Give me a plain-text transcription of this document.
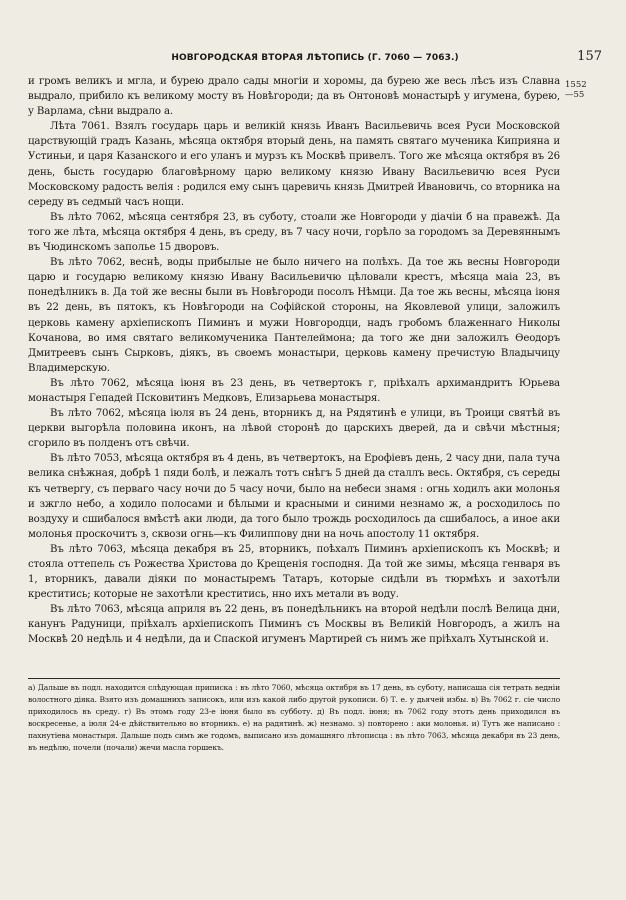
НОВГОРОДСКАЯ ВТОРАЯ ЛѢТОПИСЬ (Г. 7060 — 7063.)	157
1552
—55

и громъ великъ и мгла, и бурею драло сады многіи и хоромы, да бурею же весь лѣсъ изъ Славна выдрало, прибило къ великому мосту въ Новѣгороди; да въ Онтоновѣ монастырѣ у игумена, бурею, у Варлама, сѣни выдрало а.

Лѣта 7061. Взялъ государь царь и великій князь Иванъ Васильевичь всея Руси Московской царствующій градъ Казань, мѣсяца октября вторый день, на память святаго мученика Киприяна и Устиньи, и царя Казанского и его уланъ и мурзъ къ Москвѣ привелъ. Того же мѣсяца октября въ 26 день, бысть государю благовѣрному царю великому князю Ивану Васильевичю всея Руси Московскому радость велія : родился ему сынъ царевичь князь Дмитрей Ивановичь, со вторника на середу въ седмый часъ нощи.

Въ лѣто 7062, мѣсяца сентября 23, въ суботу, стоали же Новгороди у діачіи б на правежѣ. Да того же лѣта, мѣсяца октября 4 день, въ среду, въ 7 часу ночи, горѣло за городомъ за Деревяннымъ въ Чюдинскомъ заполье 15 дворовъ.

Въ лѣто 7062, веснѣ, воды прибылые не было ничего на полѣхъ. Да тое жь весны Новгороди царю и государю великому князю Ивану Васильевичю цѣловали крестъ, мѣсяца маіа 23, въ понедѣлникъ в. Да той же весны были въ Новѣгороди посолъ Нѣмци. Да тое жь весны, мѣсяца іюня въ 22 день, въ пятокъ, къ Новѣгороди на Софійской стороны, на Яковлевой улици, заложилъ церковь камену архіепископъ Пиминъ и мужи Новгородци, надъ гробомъ блаженнаго Николы Кочанова, во имя святаго великомученика Пантелеймона; да того же дни заложилъ Ѳеодоръ Дмитреевъ сынъ Сырковъ, діякъ, въ своемъ монастыри, церковь камену пречистую Владычицу Владимерскую.

Въ лѣто 7062, мѣсяца іюня въ 23 день, въ четвертокъ г, пріѣхалъ архимандритъ Юрьева монастыря Гепадей Псковитинъ Медковъ, Елизарьева монастыря.

Въ лѣто 7062, мѣсяца іюля въ 24 день, вторникъ д, на Рядятинѣ е улици, въ Троици святѣй въ церкви выгорѣла половина иконъ, на лѣвой сторонѣ до царскихъ дверей, да и свѣчи мѣстныя; сгорило въ полденъ отъ свѣчи.

Въ лѣто 7053, мѣсяца октября въ 4 день, въ четвертокъ, на Ерофіевъ день, 2 часу дни, пала туча велика снѣжная, добрѣ 1 пяди болѣ, и лежалъ тотъ снѣгъ 5 дней да сталлъ весь. Октября, съ середы къ четвергу, съ перваго часу ночи до 5 часу ночи, было на небеси знамя : огнь ходилъ аки молонья и зжгло небо, а ходило полосами и бѣлыми и красными и синими незнамо ж, а росходилось по воздуху и сшибалося вмѣстѣ аки люди, да того было трождь росходилось да сшибалось, а иное аки молонья проскочитъ з, сквози огнь—къ Филиппову дни на ночь апостолу 11 октября.

Въ лѣто 7063, мѣсяца декабря въ 25, вторникъ, поѣхалъ Пиминъ архіепископъ къ Москвѣ; и стояла оттепель съ Рожества Христова до Крещенія господня. Да той же зимы, мѣсяца генваря въ 1, вторникъ, давали діяки по монастыремъ Татаръ, которые сидѣли въ тюрмѣхъ и захотѣли креститись; которые не захотѣли креститись, нно ихъ метали въ воду.

Въ лѣто 7063, мѣсяца априля въ 22 день, въ понедѣльникъ на второй недѣли послѣ Велица дни, канунъ Радуници, пріѣхалъ архіепископъ Пиминъ съ Москвы въ Великій Новгородъ, а жилъ на Москвѣ 20 недѣль и 4 недѣли, да и Спаской игуменъ Мартирей съ нимъ же пріѣхалъ Хутынской и.

а) Дальше въ подл. находится слѣдующая приписка : въ лѣто 7060, мѣсяца октября въ 17 день, въ суботу, написаша сія тетрать ведніи волостного діяка. Взято изъ домашнихъ записокъ, или изъ какой либо другой рукописи. б) Т. е. у дьячей избы. в) Въ 7062 г. сіе число приходилось въ среду. г) Въ этомъ году 23-е іюня было въ субботу. д) Въ подл. іюня; въ 7062 году этотъ день приходился въ воскресенье, а іюля 24-е дѣйствительно во вторникъ. е) на радятинѣ. ж) незнамо. з) повторено : аки молонья. и) Тутъ же написано : пахнутіева монастыря. Дальше подъ симъ же годомъ, выписано изъ домашняго лѣтописца : въ лѣто 7063, мѣсяца декабря въ 23 день, въ недѣлю, почели (почали) жечи масла горшекъ.
